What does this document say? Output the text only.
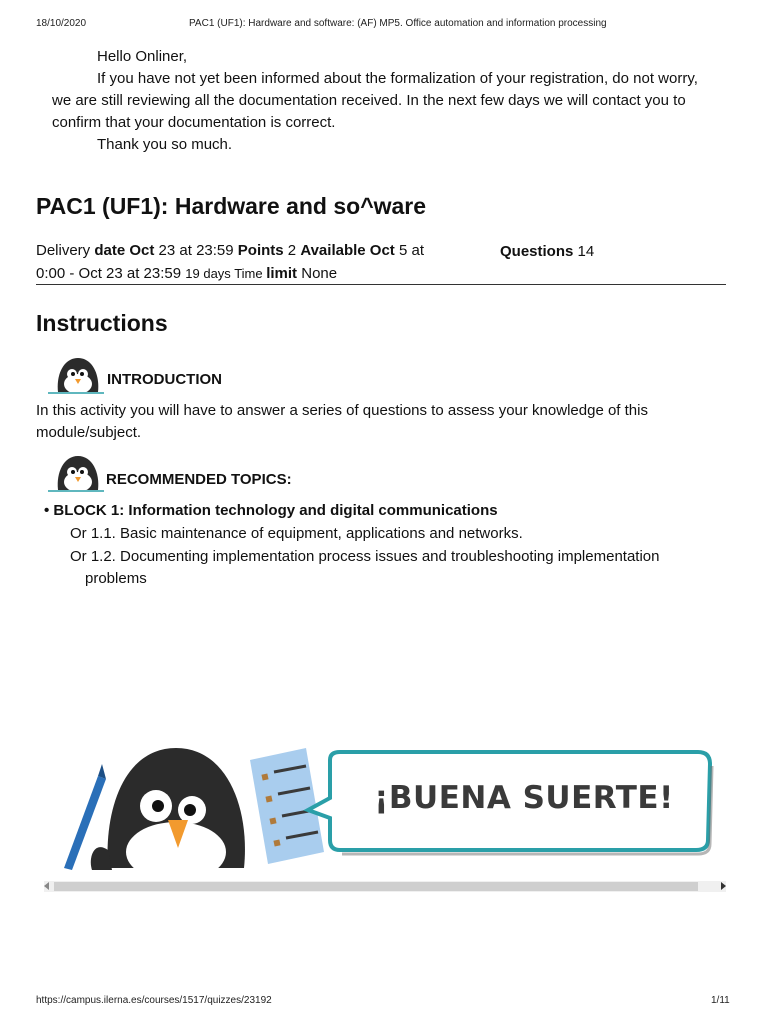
18/10/2020	PAC1 (UF1): Hardware and software: (AF) MP5. Office automation and information processing
Hello Onliner,
If you have not yet been informed about the formalization of your registration, do not worry,
we are still reviewing all the documentation received. In the next few days we will contact you to
confirm that your documentation is correct.
Thank you so much.
PAC1 (UF1): Hardware and so^ware
Delivery date Oct 23 at 23:59 Points 2 Available Oct 5 at
0:00 - Oct 23 at 23:59 19 days Time limit None
Questions 14
Instructions
INTRODUCTION
In this activity you will have to answer a series of questions to assess your knowledge of this
module/subject.
RECOMMENDED TOPICS:
• BLOCK 1: Information technology and digital communications
Or 1.1. Basic maintenance of equipment, applications and networks.
Or 1.2. Documenting implementation process issues and troubleshooting implementation
problems
¡BUENA SUERTE!
https://campus.ilerna.es/courses/1517/quizzes/23192	1/11
